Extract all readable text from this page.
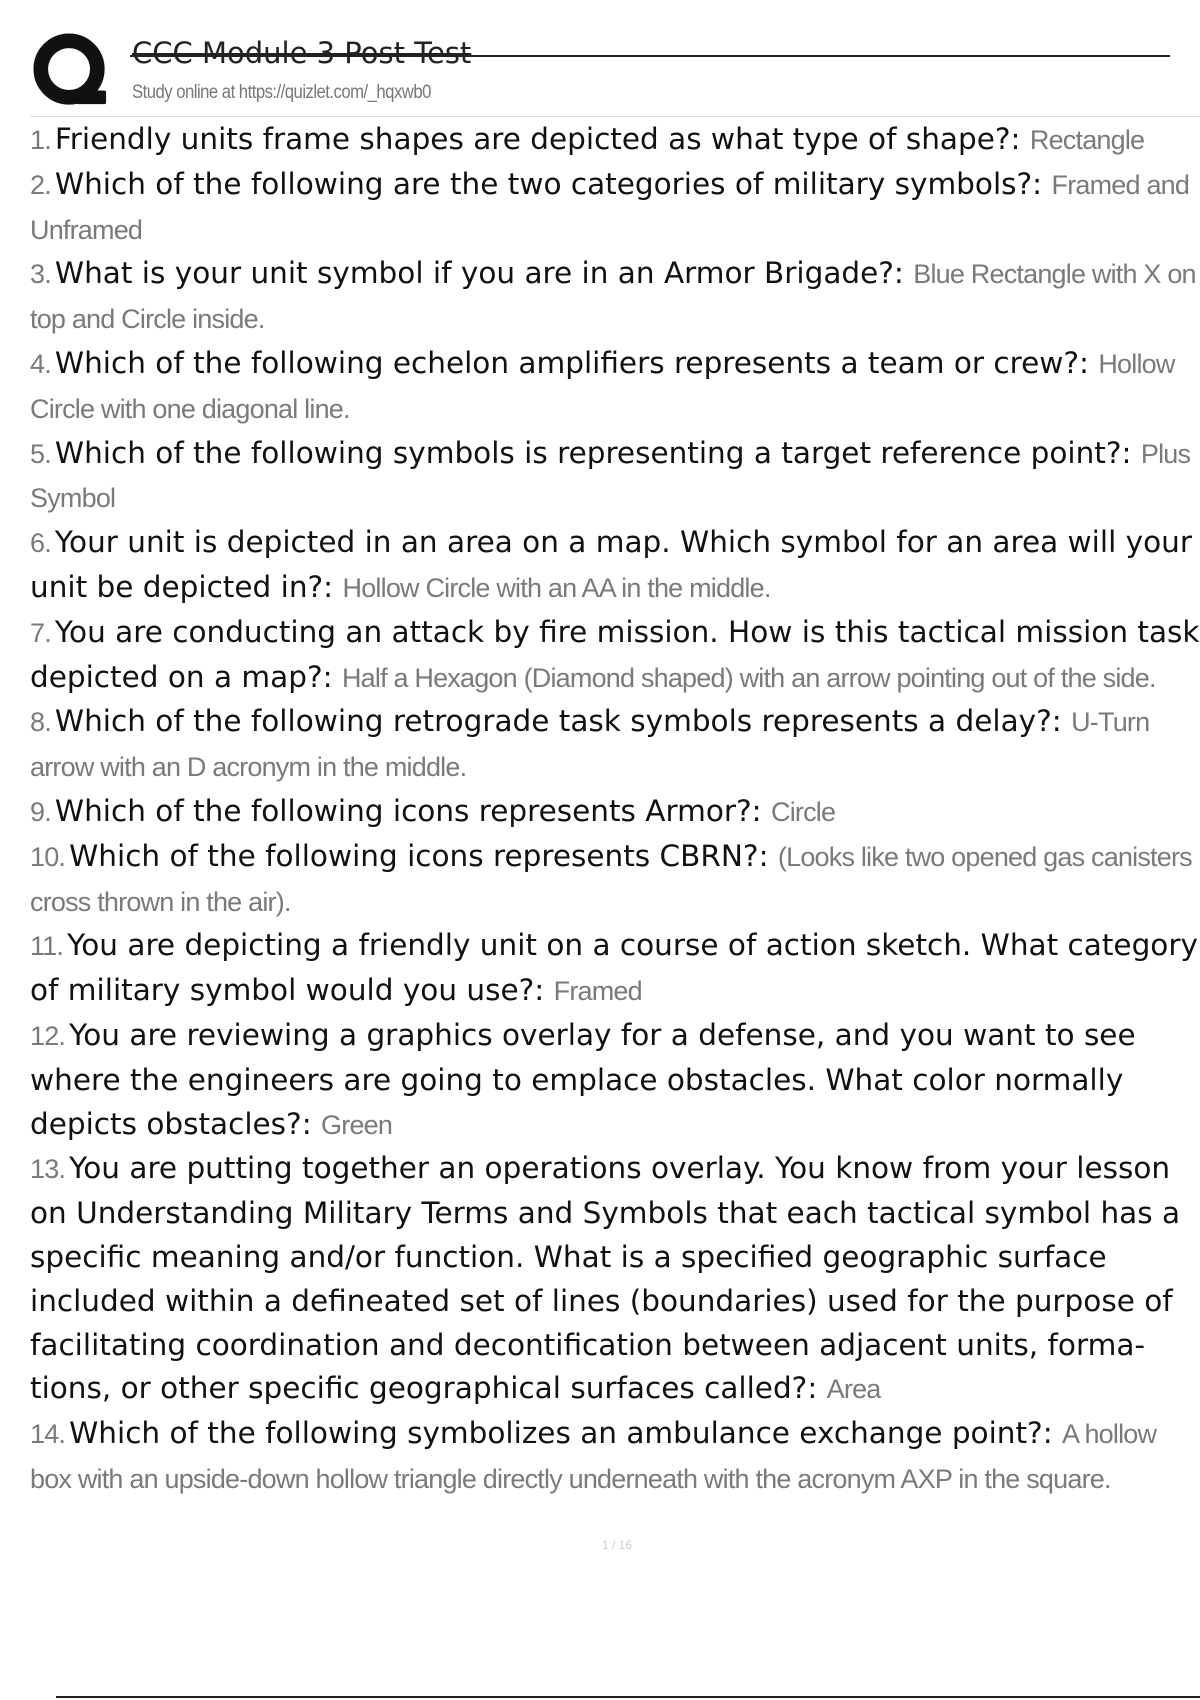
CCC Module 3 Post Test
Study online at https://quizlet.com/_hqxwb0
1. Friendly units frame shapes are depicted as what type of shape?: Rectangle
2. Which of the following are the two categories of military symbols?: Framed and Unframed
3. What is your unit symbol if you are in an Armor Brigade?: Blue Rectangle with X on top and Circle inside.
4. Which of the following echelon amplifiers represents a team or crew?: Hollow Circle with one diagonal line.
5. Which of the following symbols is representing a target reference point?: Plus Symbol
6. Your unit is depicted in an area on a map. Which symbol for an area will your unit be depicted in?: Hollow Circle with an AA in the middle.
7. You are conducting an attack by fire mission. How is this tactical mission task depicted on a map?: Half a Hexagon (Diamond shaped) with an arrow pointing out of the side.
8. Which of the following retrograde task symbols represents a delay?: U-Turn arrow with an D acronym in the middle.
9. Which of the following icons represents Armor?: Circle
10. Which of the following icons represents CBRN?: (Looks like two opened gas canisters cross thrown in the air).
11. You are depicting a friendly unit on a course of action sketch. What category of military symbol would you use?: Framed
12. You are reviewing a graphics overlay for a defense, and you want to see where the engineers are going to emplace obstacles. What color normally depicts obstacles?: Green
13. You are putting together an operations overlay. You know from your lesson on Understanding Military Terms and Symbols that each tactical symbol has a specific meaning and/or function. What is a specified geographic surface included within a defineated set of lines (boundaries) used for the purpose of facilitating coordination and decontification between adjacent units, forma-tions, or other specific geographical surfaces called?: Area
14. Which of the following symbolizes an ambulance exchange point?: A hollow box with an upside-down hollow triangle directly underneath with the acronym AXP in the square.
1 / 16
